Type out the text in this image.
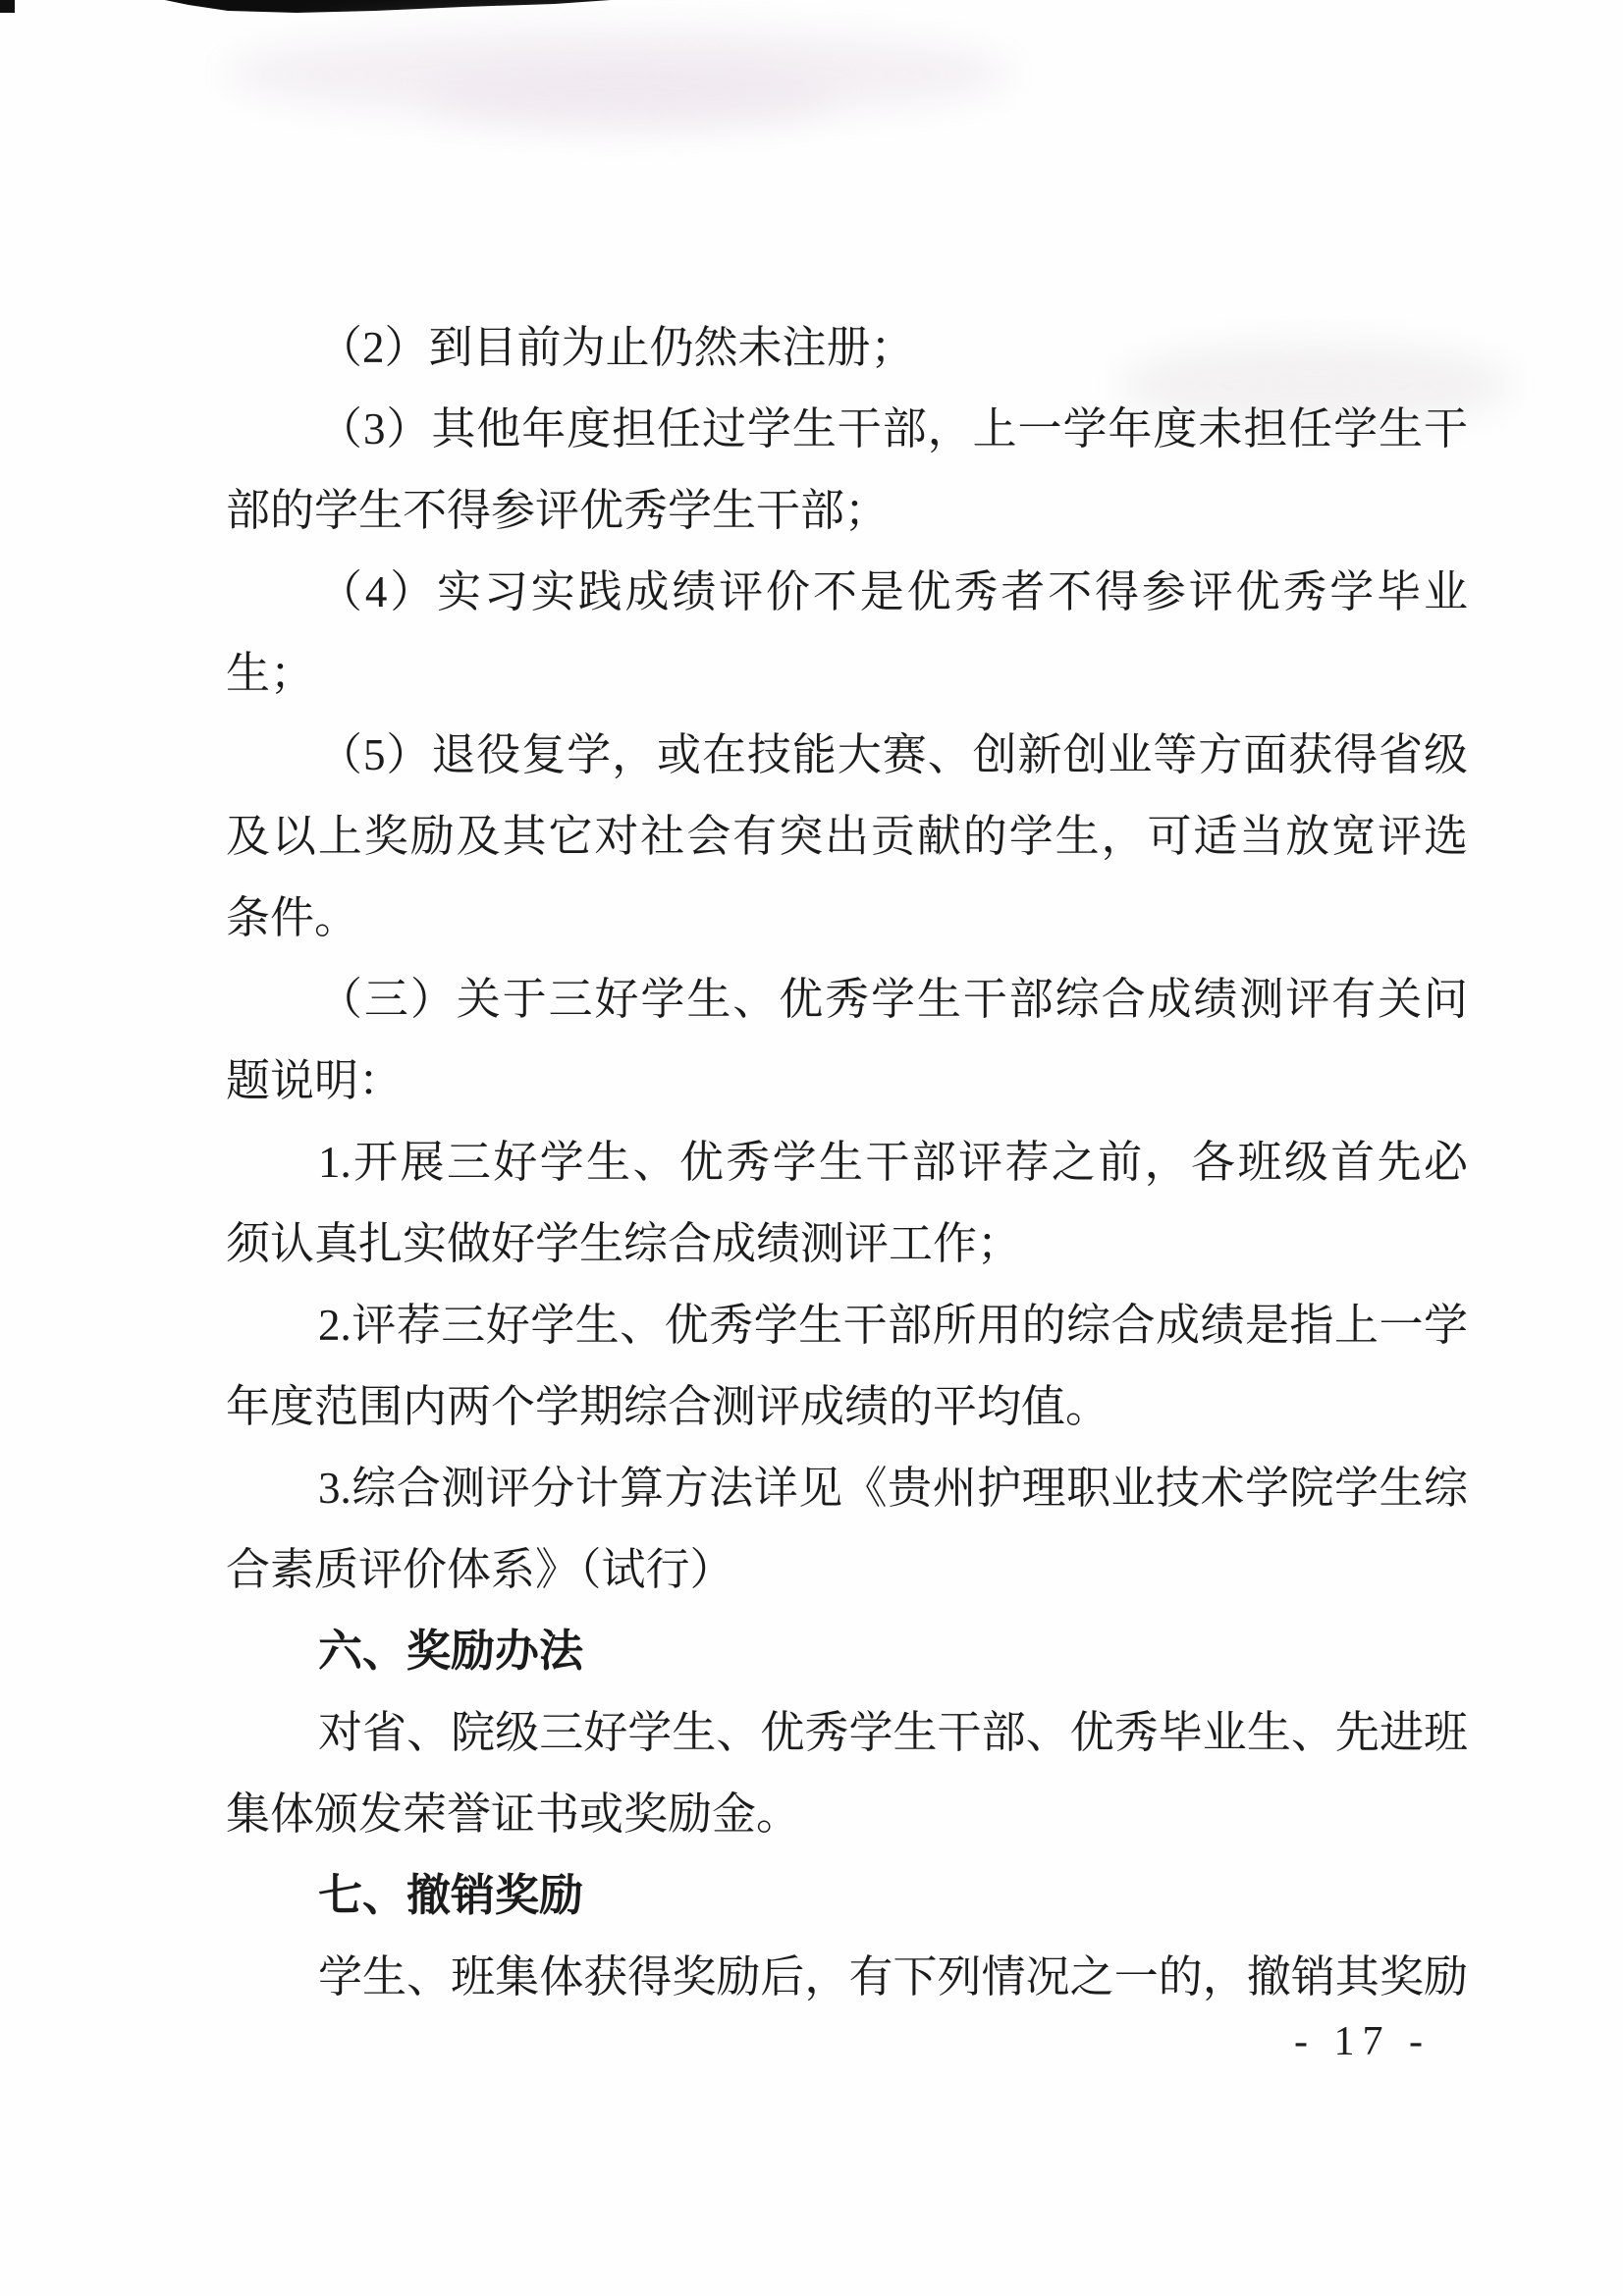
（2）到目前为止仍然未注册；
（3）其他年度担任过学生干部，上一学年度未担任学生干
部的学生不得参评优秀学生干部；
（4）实习实践成绩评价不是优秀者不得参评优秀学毕业
生；
（5）退役复学，或在技能大赛、创新创业等方面获得省级
及以上奖励及其它对社会有突出贡献的学生，可适当放宽评选
条件。
（三）关于三好学生、优秀学生干部综合成绩测评有关问
题说明：
1.开展三好学生、优秀学生干部评荐之前，各班级首先必
须认真扎实做好学生综合成绩测评工作；
2.评荐三好学生、优秀学生干部所用的综合成绩是指上一学
年度范围内两个学期综合测评成绩的平均值。
3.综合测评分计算方法详见《贵州护理职业技术学院学生综
合素质评价体系》（试行）
六、奖励办法
对省、院级三好学生、优秀学生干部、优秀毕业生、先进班
集体颁发荣誉证书或奖励金。
七、撤销奖励
学生、班集体获得奖励后，有下列情况之一的，撤销其奖励
- 17 -
